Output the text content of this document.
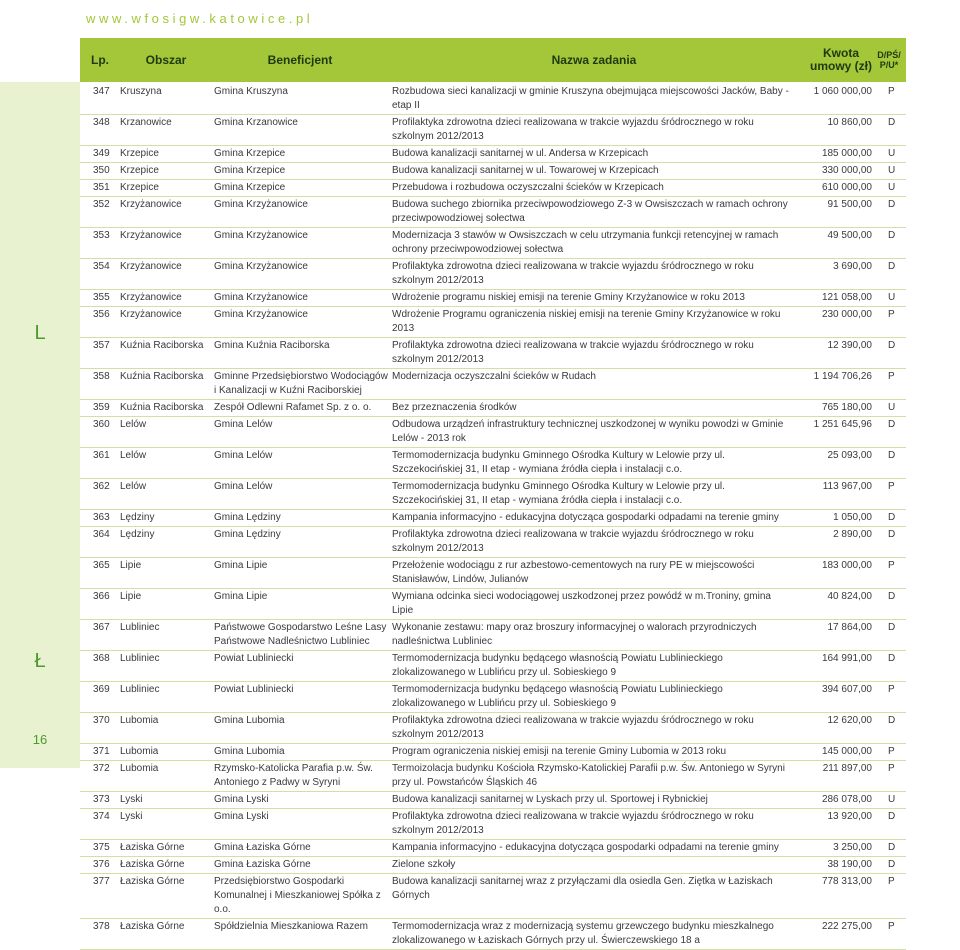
www.wfosigw.katowice.pl
L
Ł
16
Lp.	Obszar	Beneficjent	Nazwa zadania	Kwota
umowy (zł)
D/PŚ/
P/U*
347	Kruszyna	Gmina Kruszyna	Rozbudowa sieci kanalizacji w gminie Kruszyna obejmująca miejscowości Jacków, Baby - etap II	1 060 000,00	P
348	Krzanowice	Gmina Krzanowice	Profilaktyka zdrowotna dzieci realizowana w trakcie wyjazdu śródrocznego w roku szkolnym 2012/2013	10 860,00	D
349	Krzepice	Gmina Krzepice	Budowa kanalizacji sanitarnej w ul. Andersa w Krzepicach	185 000,00	U
350	Krzepice	Gmina Krzepice	Budowa kanalizacji sanitarnej w ul. Towarowej w Krzepicach	330 000,00	U
351	Krzepice	Gmina Krzepice	Przebudowa i rozbudowa oczyszczalni ścieków w Krzepicach	610 000,00	U
352	Krzyżanowice	Gmina Krzyżanowice	Budowa suchego zbiornika przeciwpowodziowego Z-3 w Owsiszczach w ramach ochrony przeciwpowodziowej sołectwa	91 500,00	D
353	Krzyżanowice	Gmina Krzyżanowice	Modernizacja 3 stawów w Owsiszczach w celu utrzymania funkcji retencyjnej w ramach ochrony przeciwpowodziowej sołectwa	49 500,00	D
354	Krzyżanowice	Gmina Krzyżanowice	Profilaktyka zdrowotna dzieci realizowana w trakcie wyjazdu śródrocznego w roku szkolnym 2012/2013	3 690,00	D
355	Krzyżanowice	Gmina Krzyżanowice	Wdrożenie programu niskiej emisji na terenie Gminy Krzyżanowice w roku 2013	121 058,00	U
356	Krzyżanowice	Gmina Krzyżanowice	Wdrożenie Programu ograniczenia niskiej emisji na terenie Gminy Krzyżanowice w roku 2013	230 000,00	P
357	Kuźnia Raciborska	Gmina Kuźnia Raciborska	Profilaktyka zdrowotna dzieci realizowana w trakcie wyjazdu śródrocznego w roku szkolnym 2012/2013	12 390,00	D
358	Kuźnia Raciborska	Gminne Przedsiębiorstwo Wodociągów i Kanalizacji w Kuźni Raciborskiej	Modernizacja oczyszczalni ścieków w Rudach	1 194 706,26	P
359	Kuźnia Raciborska	Zespół Odlewni Rafamet Sp. z o. o.	Bez przeznaczenia środków	765 180,00	U
360	Lelów	Gmina Lelów	Odbudowa urządzeń infrastruktury technicznej uszkodzonej w wyniku powodzi w Gminie Lelów - 2013 rok	1 251 645,96	D
361	Lelów	Gmina Lelów	Termomodernizacja budynku Gminnego Ośrodka Kultury w Lelowie przy ul. Szczekocińskiej 31, II etap - wymiana źródła ciepła i instalacji c.o.	25 093,00	D
362	Lelów	Gmina Lelów	Termomodernizacja budynku Gminnego Ośrodka Kultury w Lelowie przy ul. Szczekocińskiej 31, II etap - wymiana źródła ciepła i instalacji c.o.	113 967,00	P
363	Lędziny	Gmina Lędziny	Kampania informacyjno - edukacyjna dotycząca gospodarki odpadami na terenie gminy	1 050,00	D
364	Lędziny	Gmina Lędziny	Profilaktyka zdrowotna dzieci realizowana w trakcie wyjazdu śródrocznego w roku szkolnym 2012/2013	2 890,00	D
365	Lipie	Gmina Lipie	Przełożenie wodociągu z rur azbestowo-cementowych na rury PE w miejscowości Stanisławów, Lindów, Julianów	183 000,00	P
366	Lipie	Gmina Lipie	Wymiana odcinka sieci wodociągowej uszkodzonej przez powódź w m.Troniny, gmina Lipie	40 824,00	D
367	Lubliniec	Państwowe Gospodarstwo Leśne Lasy Państwowe Nadleśnictwo Lubliniec	Wykonanie zestawu: mapy oraz broszury informacyjnej o walorach przyrodniczych nadleśnictwa Lubliniec	17 864,00	D
368	Lubliniec	Powiat Lubliniecki	Termomodernizacja budynku będącego własnością Powiatu Lublinieckiego zlokalizowanego w Lublińcu przy ul. Sobieskiego 9	164 991,00	D
369	Lubliniec	Powiat Lubliniecki	Termomodernizacja budynku będącego własnością Powiatu Lublinieckiego zlokalizowanego w Lublińcu przy ul. Sobieskiego 9	394 607,00	P
370	Lubomia	Gmina Lubomia	Profilaktyka zdrowotna dzieci realizowana w trakcie wyjazdu śródrocznego w roku szkolnym 2012/2013	12 620,00	D
371	Lubomia	Gmina Lubomia	Program ograniczenia niskiej emisji na terenie Gminy Lubomia w 2013 roku	145 000,00	P
372	Lubomia	Rzymsko-Katolicka Parafia p.w. Św. Antoniego z Padwy w Syryni	Termoizolacja budynku Kościoła Rzymsko-Katolickiej Parafii p.w. Św. Antoniego w Syryni przy ul. Powstańców Śląskich 46	211 897,00	P
373	Lyski	Gmina Lyski	Budowa kanalizacji sanitarnej w Lyskach przy ul. Sportowej i Rybnickiej	286 078,00	U
374	Lyski	Gmina Lyski	Profilaktyka zdrowotna dzieci realizowana w trakcie wyjazdu śródrocznego w roku szkolnym 2012/2013	13 920,00	D
375	Łaziska Górne	Gmina Łaziska Górne	Kampania informacyjno - edukacyjna dotycząca gospodarki odpadami na terenie gminy	3 250,00	D
376	Łaziska Górne	Gmina Łaziska Górne	Zielone szkoły	38 190,00	D
377	Łaziska Górne	Przedsiębiorstwo Gospodarki Komunalnej i Mieszkaniowej Spółka z o.o.	Budowa kanalizacji sanitarnej wraz z przyłączami dla osiedla Gen. Ziętka w Łaziskach Górnych	778 313,00	P
378	Łaziska Górne	Spółdzielnia Mieszkaniowa Razem	Termomodernizacja wraz z modernizacją systemu grzewczego budynku mieszkalnego zlokalizowanego w Łaziskach Górnych przy ul. Świerczewskiego 18 a	222 275,00	P
